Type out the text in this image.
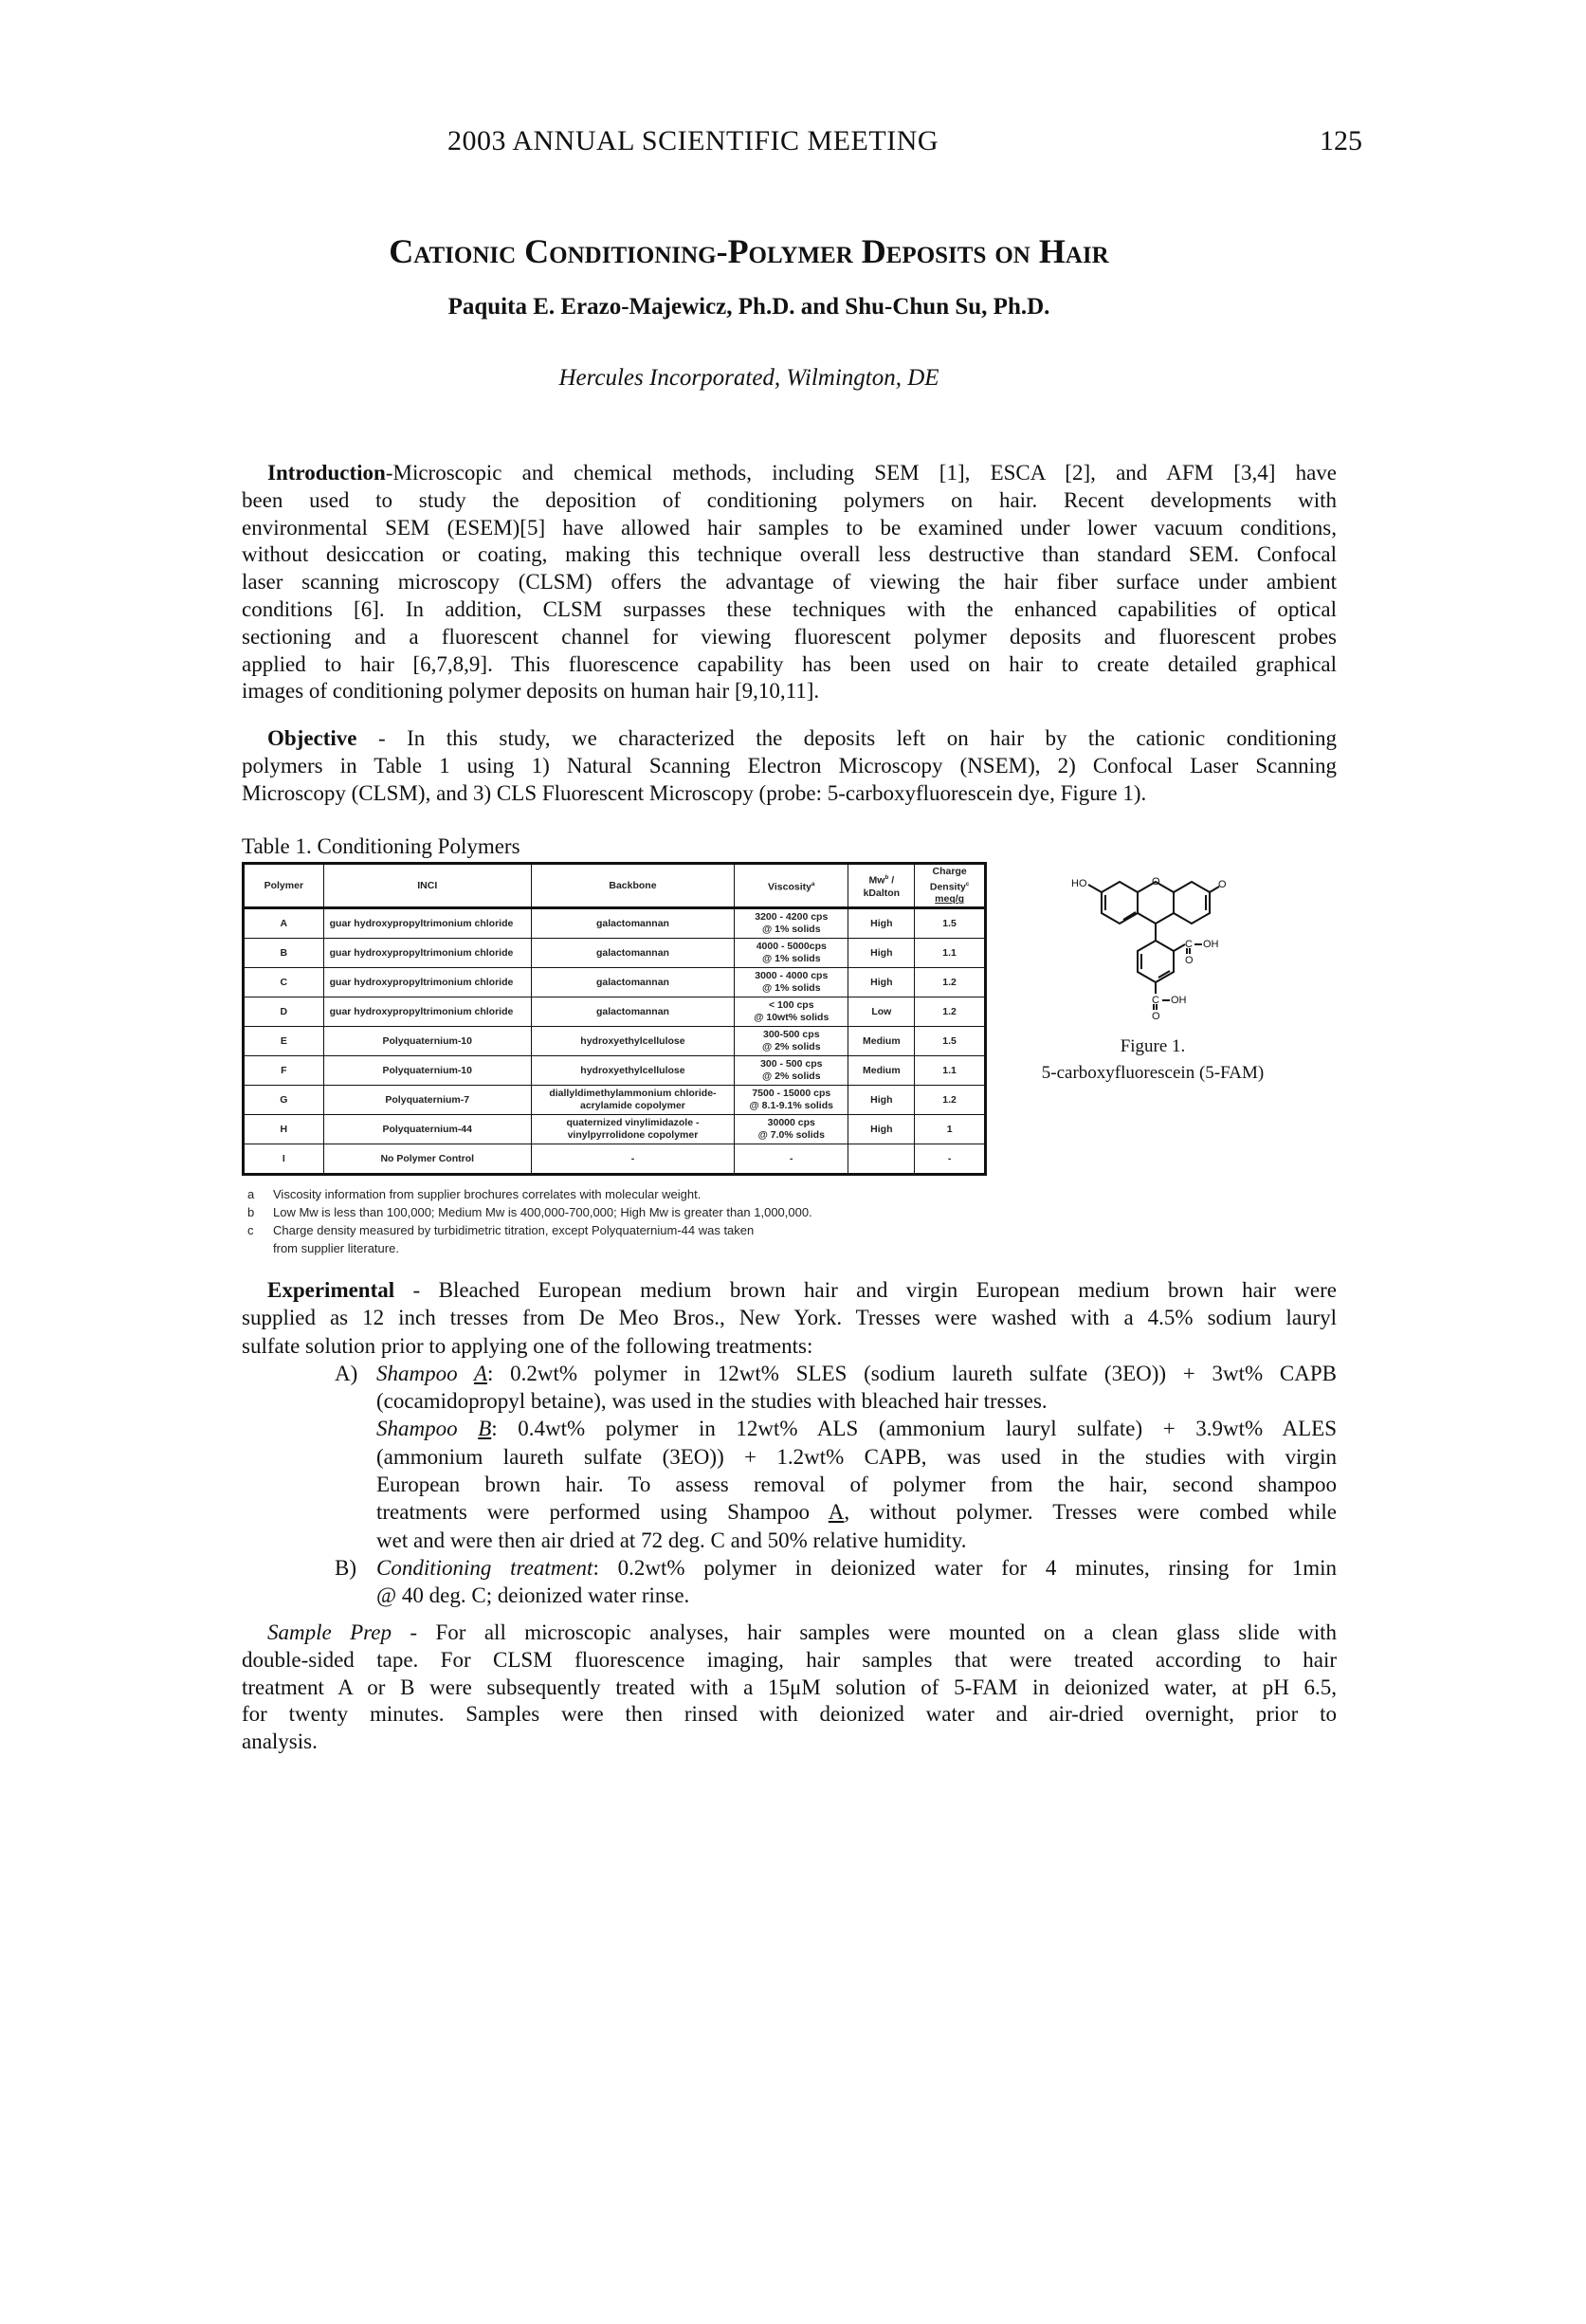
2003 ANNUAL SCIENTIFIC MEETING	125
Cationic Conditioning-Polymer Deposits on Hair
Paquita E. Erazo-Majewicz, Ph.D. and Shu-Chun Su, Ph.D.
Hercules Incorporated, Wilmington, DE
Introduction-Microscopic and chemical methods, including SEM [1], ESCA [2], and AFM [3,4] have
been used to study the deposition of conditioning polymers on hair. Recent developments with
environmental SEM (ESEM)[5] have allowed hair samples to be examined under lower vacuum conditions,
without desiccation or coating, making this technique overall less destructive than standard SEM. Confocal
laser scanning microscopy (CLSM) offers the advantage of viewing the hair fiber surface under ambient
conditions [6]. In addition, CLSM surpasses these techniques with the enhanced capabilities of optical
sectioning and a fluorescent channel for viewing fluorescent polymer deposits and fluorescent probes
applied to hair [6,7,8,9]. This fluorescence capability has been used on hair to create detailed graphical
images of conditioning polymer deposits on human hair [9,10,11].
Objective - In this study, we characterized the deposits left on hair by the cationic conditioning
polymers in Table 1 using 1) Natural Scanning Electron Microscopy (NSEM), 2) Confocal Laser Scanning
Microscopy (CLSM), and 3) CLS Fluorescent Microscopy (probe: 5-carboxyfluorescein dye, Figure 1).
Table 1. Conditioning Polymers
Polymer	INCI	Backbone	Viscosity$^a$	Mw$^b$ / kDalton	Charge Density$^c$
meq/g
A	guar hydroxypropyltrimonium chloride	galactomannan	3200 - 4200 cps
@ 1% solids	High	1.5
B	guar hydroxypropyltrimonium chloride	galactomannan	4000 - 5000cps
@ 1% solids	High	1.1
C	guar hydroxypropyltrimonium chloride	galactomannan	3000 - 4000 cps
@ 1% solids	High	1.2
D	guar hydroxypropyltrimonium chloride	galactomannan	< 100 cps
@ 10wt% solids	Low	1.2
E	Polyquaternium-10	hydroxyethylcellulose	300-500 cps
@ 2% solids	Medium	1.5
F	Polyquaternium-10	hydroxyethylcellulose	300 - 500 cps
@ 2% solids	Medium	1.1
G	Polyquaternium-7	diallyldimethylammonium chloride-acrylamide copolymer	7500 - 15000 cps
@ 8.1-9.1% solids	High	1.2
H	Polyquaternium-44	quaternized vinylimidazole - vinylpyrrolidone copolymer	30000 cps
@ 7.0% solids	High	1
I	No Polymer Control	-	-		-
a Viscosity information from supplier brochures correlates with molecular weight.
b Low Mw is less than 100,000; Medium Mw is 400,000-700,000; High Mw is greater than 1,000,000.
c Charge density measured by turbidimetric titration, except Polyquaternium-44 was taken
from supplier literature.
HO	O	O
C OH
O
C OH
O
Figure 1.
5-carboxyfluorescein (5-FAM)
Experimental - Bleached European medium brown hair and virgin European medium brown hair were
supplied as 12 inch tresses from De Meo Bros., New York. Tresses were washed with a 4.5% sodium lauryl
sulfate solution prior to applying one of the following treatments:
A) Shampoo A: 0.2wt% polymer in 12wt% SLES (sodium laureth sulfate (3EO)) + 3wt% CAPB
(cocamidopropyl betaine), was used in the studies with bleached hair tresses.
Shampoo B: 0.4wt% polymer in 12wt% ALS (ammonium lauryl sulfate) + 3.9wt% ALES
(ammonium laureth sulfate (3EO)) + 1.2wt% CAPB, was used in the studies with virgin
European brown hair. To assess removal of polymer from the hair, second shampoo
treatments were performed using Shampoo A, without polymer. Tresses were combed while
wet and were then air dried at 72 deg. C and 50% relative humidity.
B) Conditioning treatment: 0.2wt% polymer in deionized water for 4 minutes, rinsing for 1min
@ 40 deg. C; deionized water rinse.
Sample Prep - For all microscopic analyses, hair samples were mounted on a clean glass slide with
double-sided tape. For CLSM fluorescence imaging, hair samples that were treated according to hair
treatment A or B were subsequently treated with a 15μM solution of 5-FAM in deionized water, at pH 6.5,
for twenty minutes. Samples were then rinsed with deionized water and air-dried overnight, prior to
analysis.
